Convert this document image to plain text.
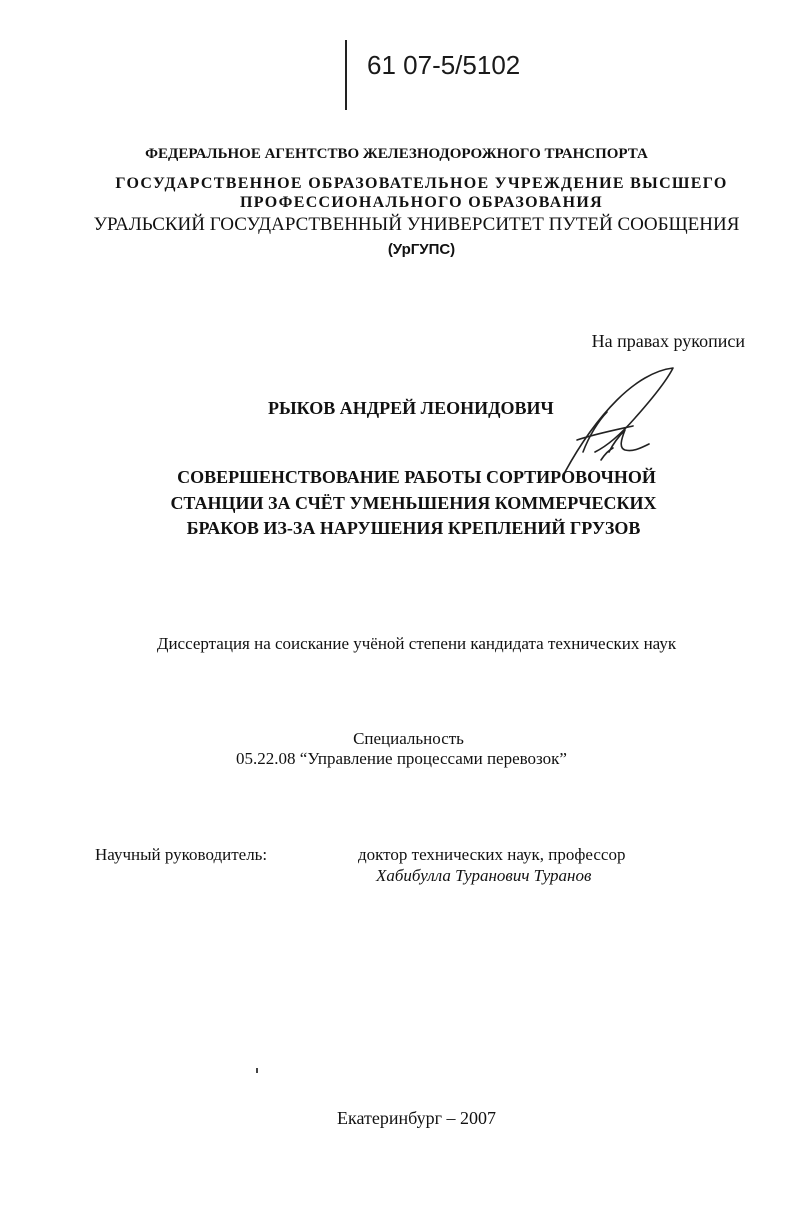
61 07-5/5102
ФЕДЕРАЛЬНОЕ АГЕНТСТВО ЖЕЛЕЗНОДОРОЖНОГО ТРАНСПОРТА
ГОСУДАРСТВЕННОЕ ОБРАЗОВАТЕЛЬНОЕ УЧРЕЖДЕНИЕ ВЫСШЕГО
ПРОФЕССИОНАЛЬНОГО ОБРАЗОВАНИЯ
УРАЛЬСКИЙ ГОСУДАРСТВЕННЫЙ УНИВЕРСИТЕТ ПУТЕЙ СООБЩЕНИЯ
(УрГУПС)
На правах рукописи
РЫКОВ АНДРЕЙ ЛЕОНИДОВИЧ
СОВЕРШЕНСТВОВАНИЕ РАБОТЫ СОРТИРОВОЧНОЙ
СТАНЦИИ ЗА СЧЁТ УМЕНЬШЕНИЯ КОММЕРЧЕСКИХ
БРАКОВ ИЗ-ЗА НАРУШЕНИЯ КРЕПЛЕНИЙ ГРУЗОВ
Диссертация на соискание учёной степени кандидата технических наук
Специальность
05.22.08 “Управление процессами перевозок”
Научный руководитель:	доктор технических наук, профессор
Хабибулла Туранович Туранов
Екатеринбург – 2007
